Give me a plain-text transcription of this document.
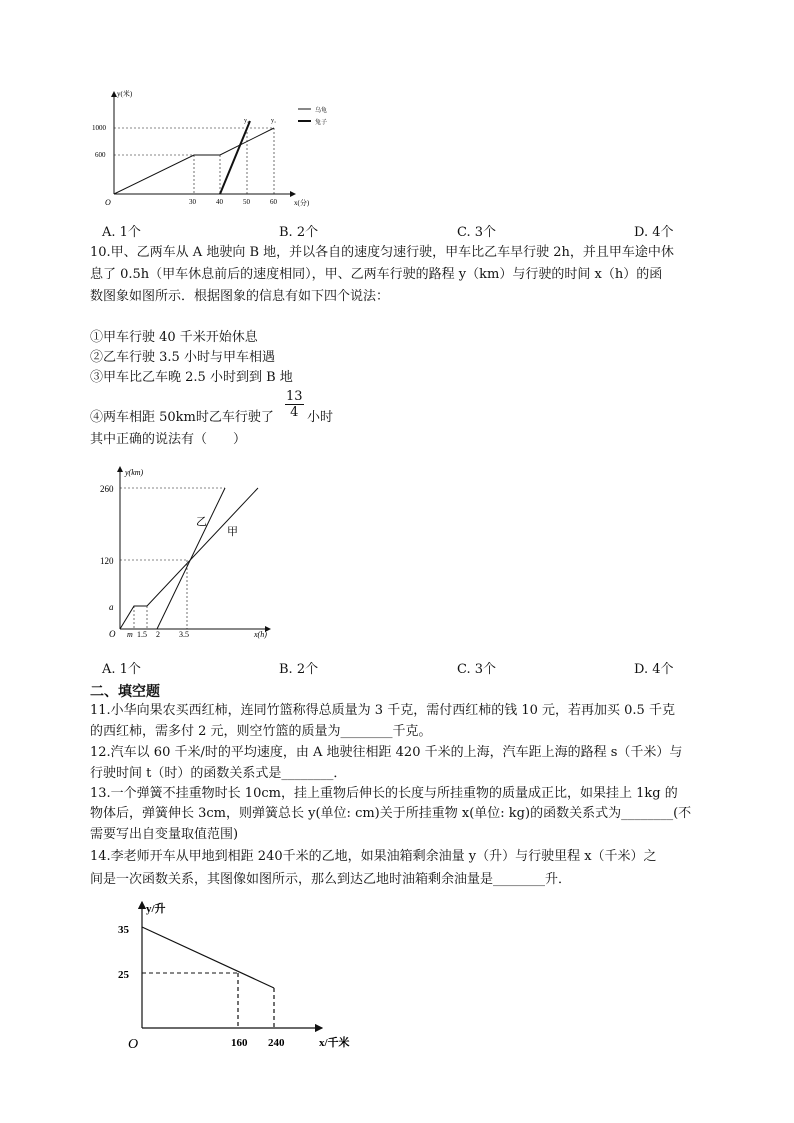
y(米)
x(分)
O
1000
600
30	40	50	60
y₂	y₁
乌龟
兔子
A. 1个	B. 2个	C. 3个	D. 4个
10.甲、乙两车从 A 地驶向 B 地，并以各自的速度匀速行驶，甲车比乙车早行驶 2h，并且甲车途中休
息了 0.5h（甲车休息前后的速度相同），甲、乙两车行驶的路程 y（km）与行驶的时间 x（h）的函
数图象如图所示．根据图象的信息有如下四个说法：
①甲车行驶 40 千米开始休息
②乙车行驶 3.5 小时与甲车相遇
③甲车比乙车晚 2.5 小时到到 B 地
④两车相距 50km时乙车行驶了 $\frac{13}{4}$ 小时
其中正确的说法有（　　）
y(km)
x(h)
O
260
120
a
m 1.5 2 3.5
乙
甲
A. 1个	B. 2个	C. 3个	D. 4个
二、填空题
11.小华向果农买西红柿，连同竹篮称得总质量为 3 千克，需付西红柿的钱 10 元，若再加买 0.5 千克
的西红柿，需多付 2 元，则空竹篮的质量为________千克。
12.汽车以 60 千米/时的平均速度，由 A 地驶往相距 420 千米的上海，汽车距上海的路程 s（千米）与
行驶时间 t（时）的函数关系式是________．
13.一个弹簧不挂重物时长 10cm，挂上重物后伸长的长度与所挂重物的质量成正比，如果挂上 1kg 的
物体后，弹簧伸长 3cm，则弹簧总长 y(单位: cm)关于所挂重物 x(单位: kg)的函数关系式为________(不
需要写出自变量取值范围)
14.李老师开车从甲地到相距 240千米的乙地，如果油箱剩余油量 y（升）与行驶里程 x（千米）之
间是一次函数关系，其图像如图所示，那么到达乙地时油箱剩余油量是________升．
y/升
x/千米
O
35
25
160 240
